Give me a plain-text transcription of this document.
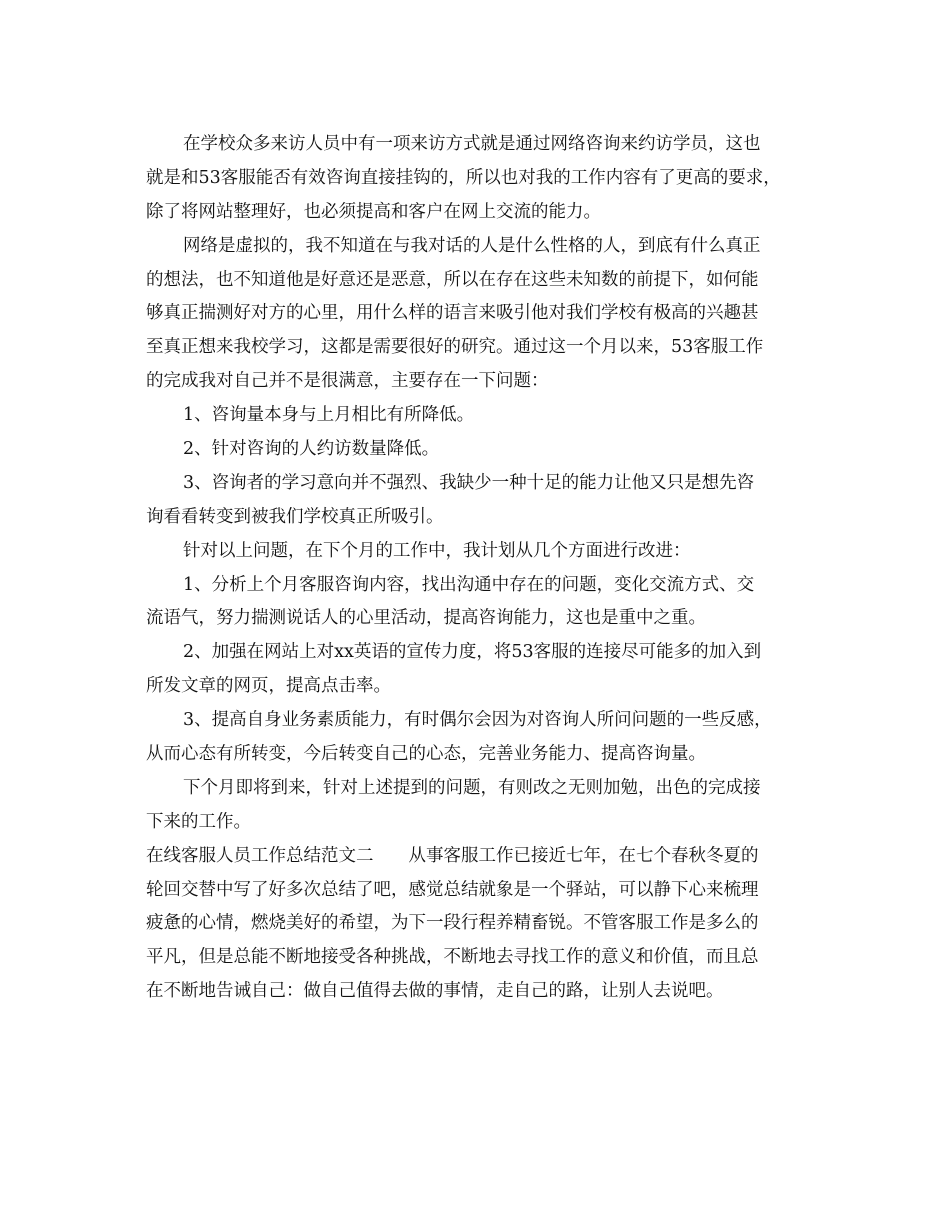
在学校众多来访人员中有一项来访方式就是通过网络咨询来约访学员，这也
就是和53客服能否有效咨询直接挂钩的，所以也对我的工作内容有了更高的要求，
除了将网站整理好，也必须提高和客户在网上交流的能力。
网络是虚拟的，我不知道在与我对话的人是什么性格的人，到底有什么真正
的想法，也不知道他是好意还是恶意，所以在存在这些未知数的前提下，如何能
够真正揣测好对方的心里，用什么样的语言来吸引他对我们学校有极高的兴趣甚
至真正想来我校学习，这都是需要很好的研究。通过这一个月以来，53客服工作
的完成我对自己并不是很满意，主要存在一下问题：
1、咨询量本身与上月相比有所降低。
2、针对咨询的人约访数量降低。
3、咨询者的学习意向并不强烈、我缺少一种十足的能力让他又只是想先咨
询看看转变到被我们学校真正所吸引。
针对以上问题，在下个月的工作中，我计划从几个方面进行改进：
1、分析上个月客服咨询内容，找出沟通中存在的问题，变化交流方式、交
流语气，努力揣测说话人的心里活动，提高咨询能力，这也是重中之重。
2、加强在网站上对xx英语的宣传力度，将53客服的连接尽可能多的加入到
所发文章的网页，提高点击率。
3、提高自身业务素质能力，有时偶尔会因为对咨询人所问问题的一些反感，
从而心态有所转变，今后转变自己的心态，完善业务能力、提高咨询量。
下个月即将到来，针对上述提到的问题，有则改之无则加勉，出色的完成接
下来的工作。
在线客服人员工作总结范文二　　从事客服工作已接近七年，在七个春秋冬夏的
轮回交替中写了好多次总结了吧，感觉总结就象是一个驿站，可以静下心来梳理
疲惫的心情，燃烧美好的希望，为下一段行程养精畜锐。不管客服工作是多么的
平凡，但是总能不断地接受各种挑战，不断地去寻找工作的意义和价值，而且总
在不断地告诫自己：做自己值得去做的事情，走自己的路，让别人去说吧。
